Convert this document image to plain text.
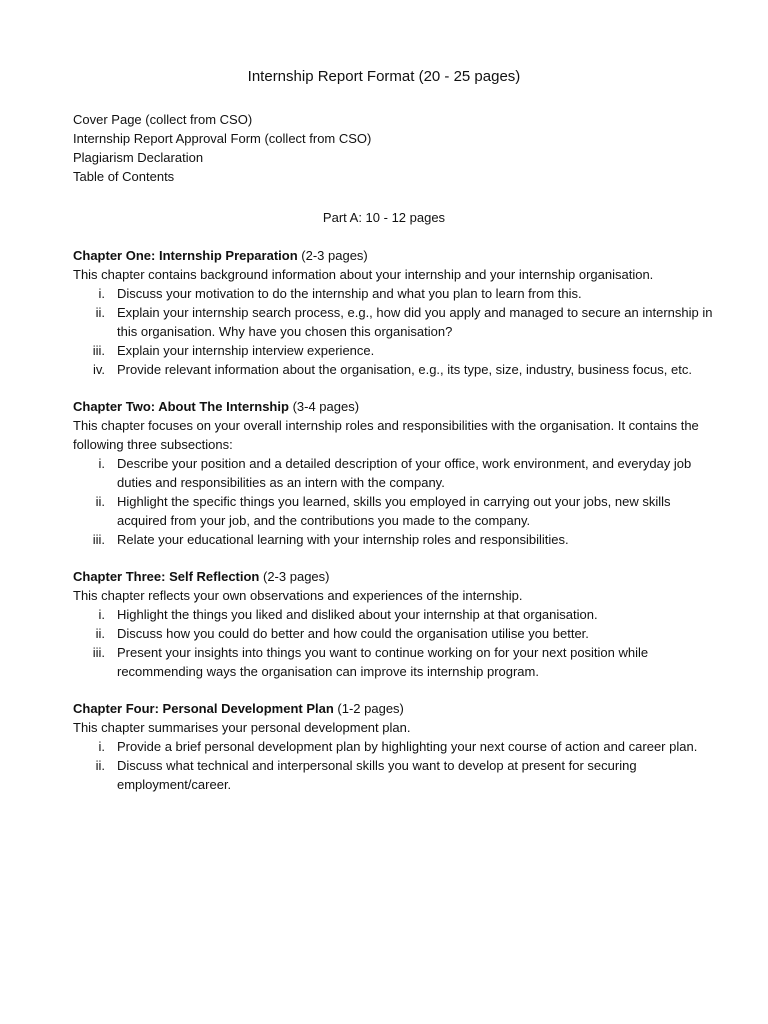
Internship Report Format (20 - 25 pages)
Cover Page (collect from CSO)
Internship Report Approval Form (collect from CSO)
Plagiarism Declaration
Table of Contents
Part A: 10 - 12 pages
Chapter One: Internship Preparation (2-3 pages)
This chapter contains background information about your internship and your internship organisation.
i. Discuss your motivation to do the internship and what you plan to learn from this.
ii. Explain your internship search process, e.g., how did you apply and managed to secure an internship in this organisation. Why have you chosen this organisation?
iii. Explain your internship interview experience.
iv. Provide relevant information about the organisation, e.g., its type, size, industry, business focus, etc.
Chapter Two: About The Internship (3-4 pages)
This chapter focuses on your overall internship roles and responsibilities with the organisation. It contains the following three subsections:
i. Describe your position and a detailed description of your office, work environment, and everyday job duties and responsibilities as an intern with the company.
ii. Highlight the specific things you learned, skills you employed in carrying out your jobs, new skills acquired from your job, and the contributions you made to the company.
iii. Relate your educational learning with your internship roles and responsibilities.
Chapter Three: Self Reflection (2-3 pages)
This chapter reflects your own observations and experiences of the internship.
i. Highlight the things you liked and disliked about your internship at that organisation.
ii. Discuss how you could do better and how could the organisation utilise you better.
iii. Present your insights into things you want to continue working on for your next position while recommending ways the organisation can improve its internship program.
Chapter Four: Personal Development Plan (1-2 pages)
This chapter summarises your personal development plan.
i. Provide a brief personal development plan by highlighting your next course of action and career plan.
ii. Discuss what technical and interpersonal skills you want to develop at present for securing employment/career.
